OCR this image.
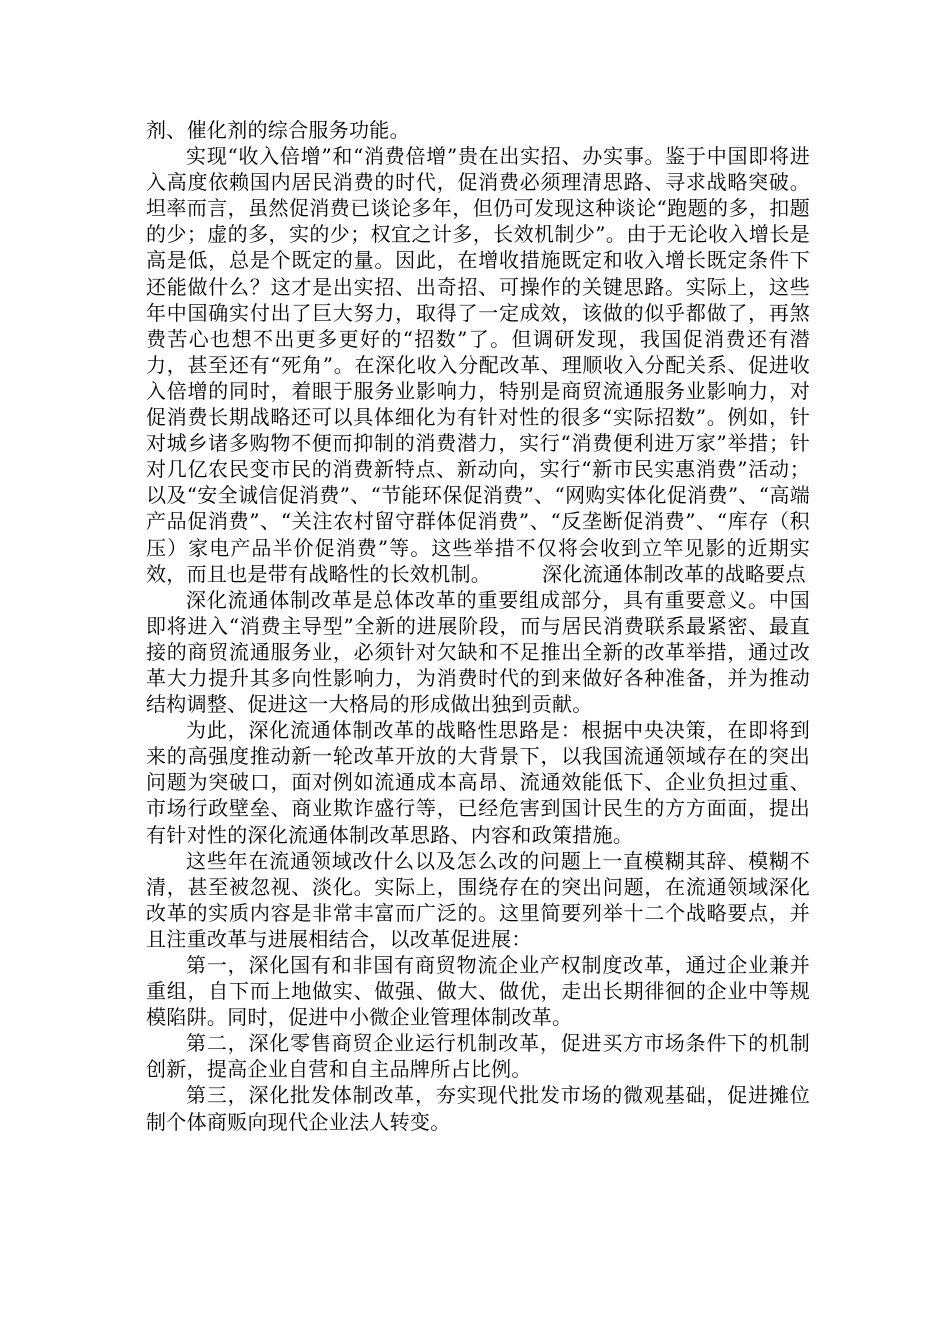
剂、催化剂的综合服务功能。

实现“收入倍增”和“消费倍增”贵在出实招、办实事。鉴于中国即将进入高度依赖国内居民消费的时代，促消费必须理清思路、寻求战略突破。坦率而言，虽然促消费已谈论多年，但仍可发现这种谈论“跑题的多，扣题的少；虚的多，实的少；权宜之计多，长效机制少”。由于无论收入增长是高是低，总是个既定的量。因此，在增收措施既定和收入增长既定条件下还能做什么？这才是出实招、出奇招、可操作的关键思路。实际上，这些年中国确实付出了巨大努力，取得了一定成效，该做的似乎都做了，再煞费苦心也想不出更多更好的“招数”了。但调研发现，我国促消费还有潜力，甚至还有“死角”。在深化收入分配改革、理顺收入分配关系、促进收入倍增的同时，着眼于服务业影响力，特别是商贸流通服务业影响力，对促消费长期战略还可以具体细化为有针对性的很多“实际招数”。例如，针对城乡诸多购物不便而抑制的消费潜力，实行“消费便利进万家”举措；针对几亿农民变市民的消费新特点、新动向，实行“新市民实惠消费”活动；以及“安全诚信促消费”、“节能环保促消费”、“网购实体化促消费”、“高端产品促消费”、“关注农村留守群体促消费”、“反垄断促消费”、“库存（积压）家电产品半价促消费”等。这些举措不仅将会收到立竿见影的近期实效，而且也是带有战略性的长效机制。　　　深化流通体制改革的战略要点

深化流通体制改革是总体改革的重要组成部分，具有重要意义。中国即将进入“消费主导型”全新的进展阶段，而与居民消费联系最紧密、最直接的商贸流通服务业，必须针对欠缺和不足推出全新的改革举措，通过改革大力提升其多向性影响力，为消费时代的到来做好各种准备，并为推动结构调整、促进这一大格局的形成做出独到贡献。

为此，深化流通体制改革的战略性思路是：根据中央决策，在即将到来的高强度推动新一轮改革开放的大背景下，以我国流通领域存在的突出问题为突破口，面对例如流通成本高昂、流通效能低下、企业负担过重、市场行政壁垒、商业欺诈盛行等，已经危害到国计民生的方方面面，提出有针对性的深化流通体制改革思路、内容和政策措施。

这些年在流通领域改什么以及怎么改的问题上一直模糊其辞、模糊不清，甚至被忽视、淡化。实际上，围绕存在的突出问题，在流通领域深化改革的实质内容是非常丰富而广泛的。这里简要列举十二个战略要点，并且注重改革与进展相结合，以改革促进展：

第一，深化国有和非国有商贸物流企业产权制度改革，通过企业兼并重组，自下而上地做实、做强、做大、做优，走出长期徘徊的企业中等规模陷阱。同时，促进中小微企业管理体制改革。

第二，深化零售商贸企业运行机制改革，促进买方市场条件下的机制创新，提高企业自营和自主品牌所占比例。

第三，深化批发体制改革，夯实现代批发市场的微观基础，促进摊位制个体商贩向现代企业法人转变。
